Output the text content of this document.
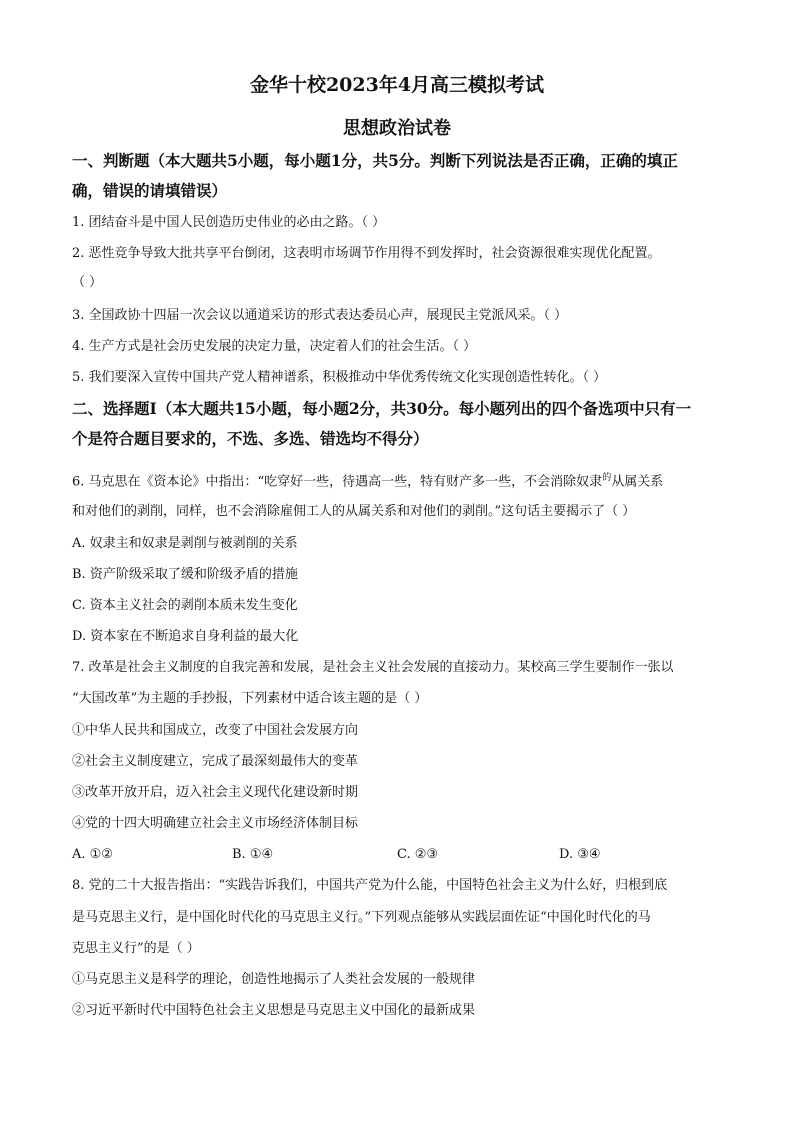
金华十校2023年4月高三模拟考试
思想政治试卷
一、判断题（本大题共5小题，每小题1分，共5分。判断下列说法是否正确，正确的填正
确，错误的请填错误）
1. 团结奋斗是中国人民创造历史伟业的必由之路。（ ）
2. 恶性竞争导致大批共享平台倒闭，这表明市场调节作用得不到发挥时，社会资源很难实现优化配置。
（ ）
3. 全国政协十四届一次会议以通道采访的形式表达委员心声，展现民主党派风采。（ ）
4. 生产方式是社会历史发展的决定力量，决定着人们的社会生活。（ ）
5. 我们要深入宣传中国共产党人精神谱系，积极推动中华优秀传统文化实现创造性转化。（ ）
二、选择题Ⅰ（本大题共15小题，每小题2分，共30分。每小题列出的四个备选项中只有一
个是符合题目要求的，不选、多选、错选均不得分）
6. 马克思在《资本论》中指出：“吃穿好一些，待遇高一些，特有财产多一些，不会消除奴隶$^的$从属关系
和对他们的剥削，同样，也不会消除雇佣工人的从属关系和对他们的剥削。”这句话主要揭示了（ ）
A. 奴隶主和奴隶是剥削与被剥削的关系
B. 资产阶级采取了缓和阶级矛盾的措施
C. 资本主义社会的剥削本质未发生变化
D. 资本家在不断追求自身利益的最大化
7. 改革是社会主义制度的自我完善和发展，是社会主义社会发展的直接动力。某校高三学生要制作一张以
“大国改革”为主题的手抄报，下列素材中适合该主题的是（ ）
①中华人民共和国成立，改变了中国社会发展方向
②社会主义制度建立，完成了最深刻最伟大的变革
③改革开放开启，迈入社会主义现代化建设新时期
④党的十四大明确建立社会主义市场经济体制目标
A. ①②	B. ①④	C. ②③	D. ③④
8. 党的二十大报告指出：“实践告诉我们，中国共产党为什么能，中国特色社会主义为什么好，归根到底
是马克思主义行，是中国化时代化的马克思主义行。”下列观点能够从实践层面佐证“中国化时代化的马
克思主义行”的是（ ）
①马克思主义是科学的理论，创造性地揭示了人类社会发展的一般规律
②习近平新时代中国特色社会主义思想是马克思主义中国化的最新成果
